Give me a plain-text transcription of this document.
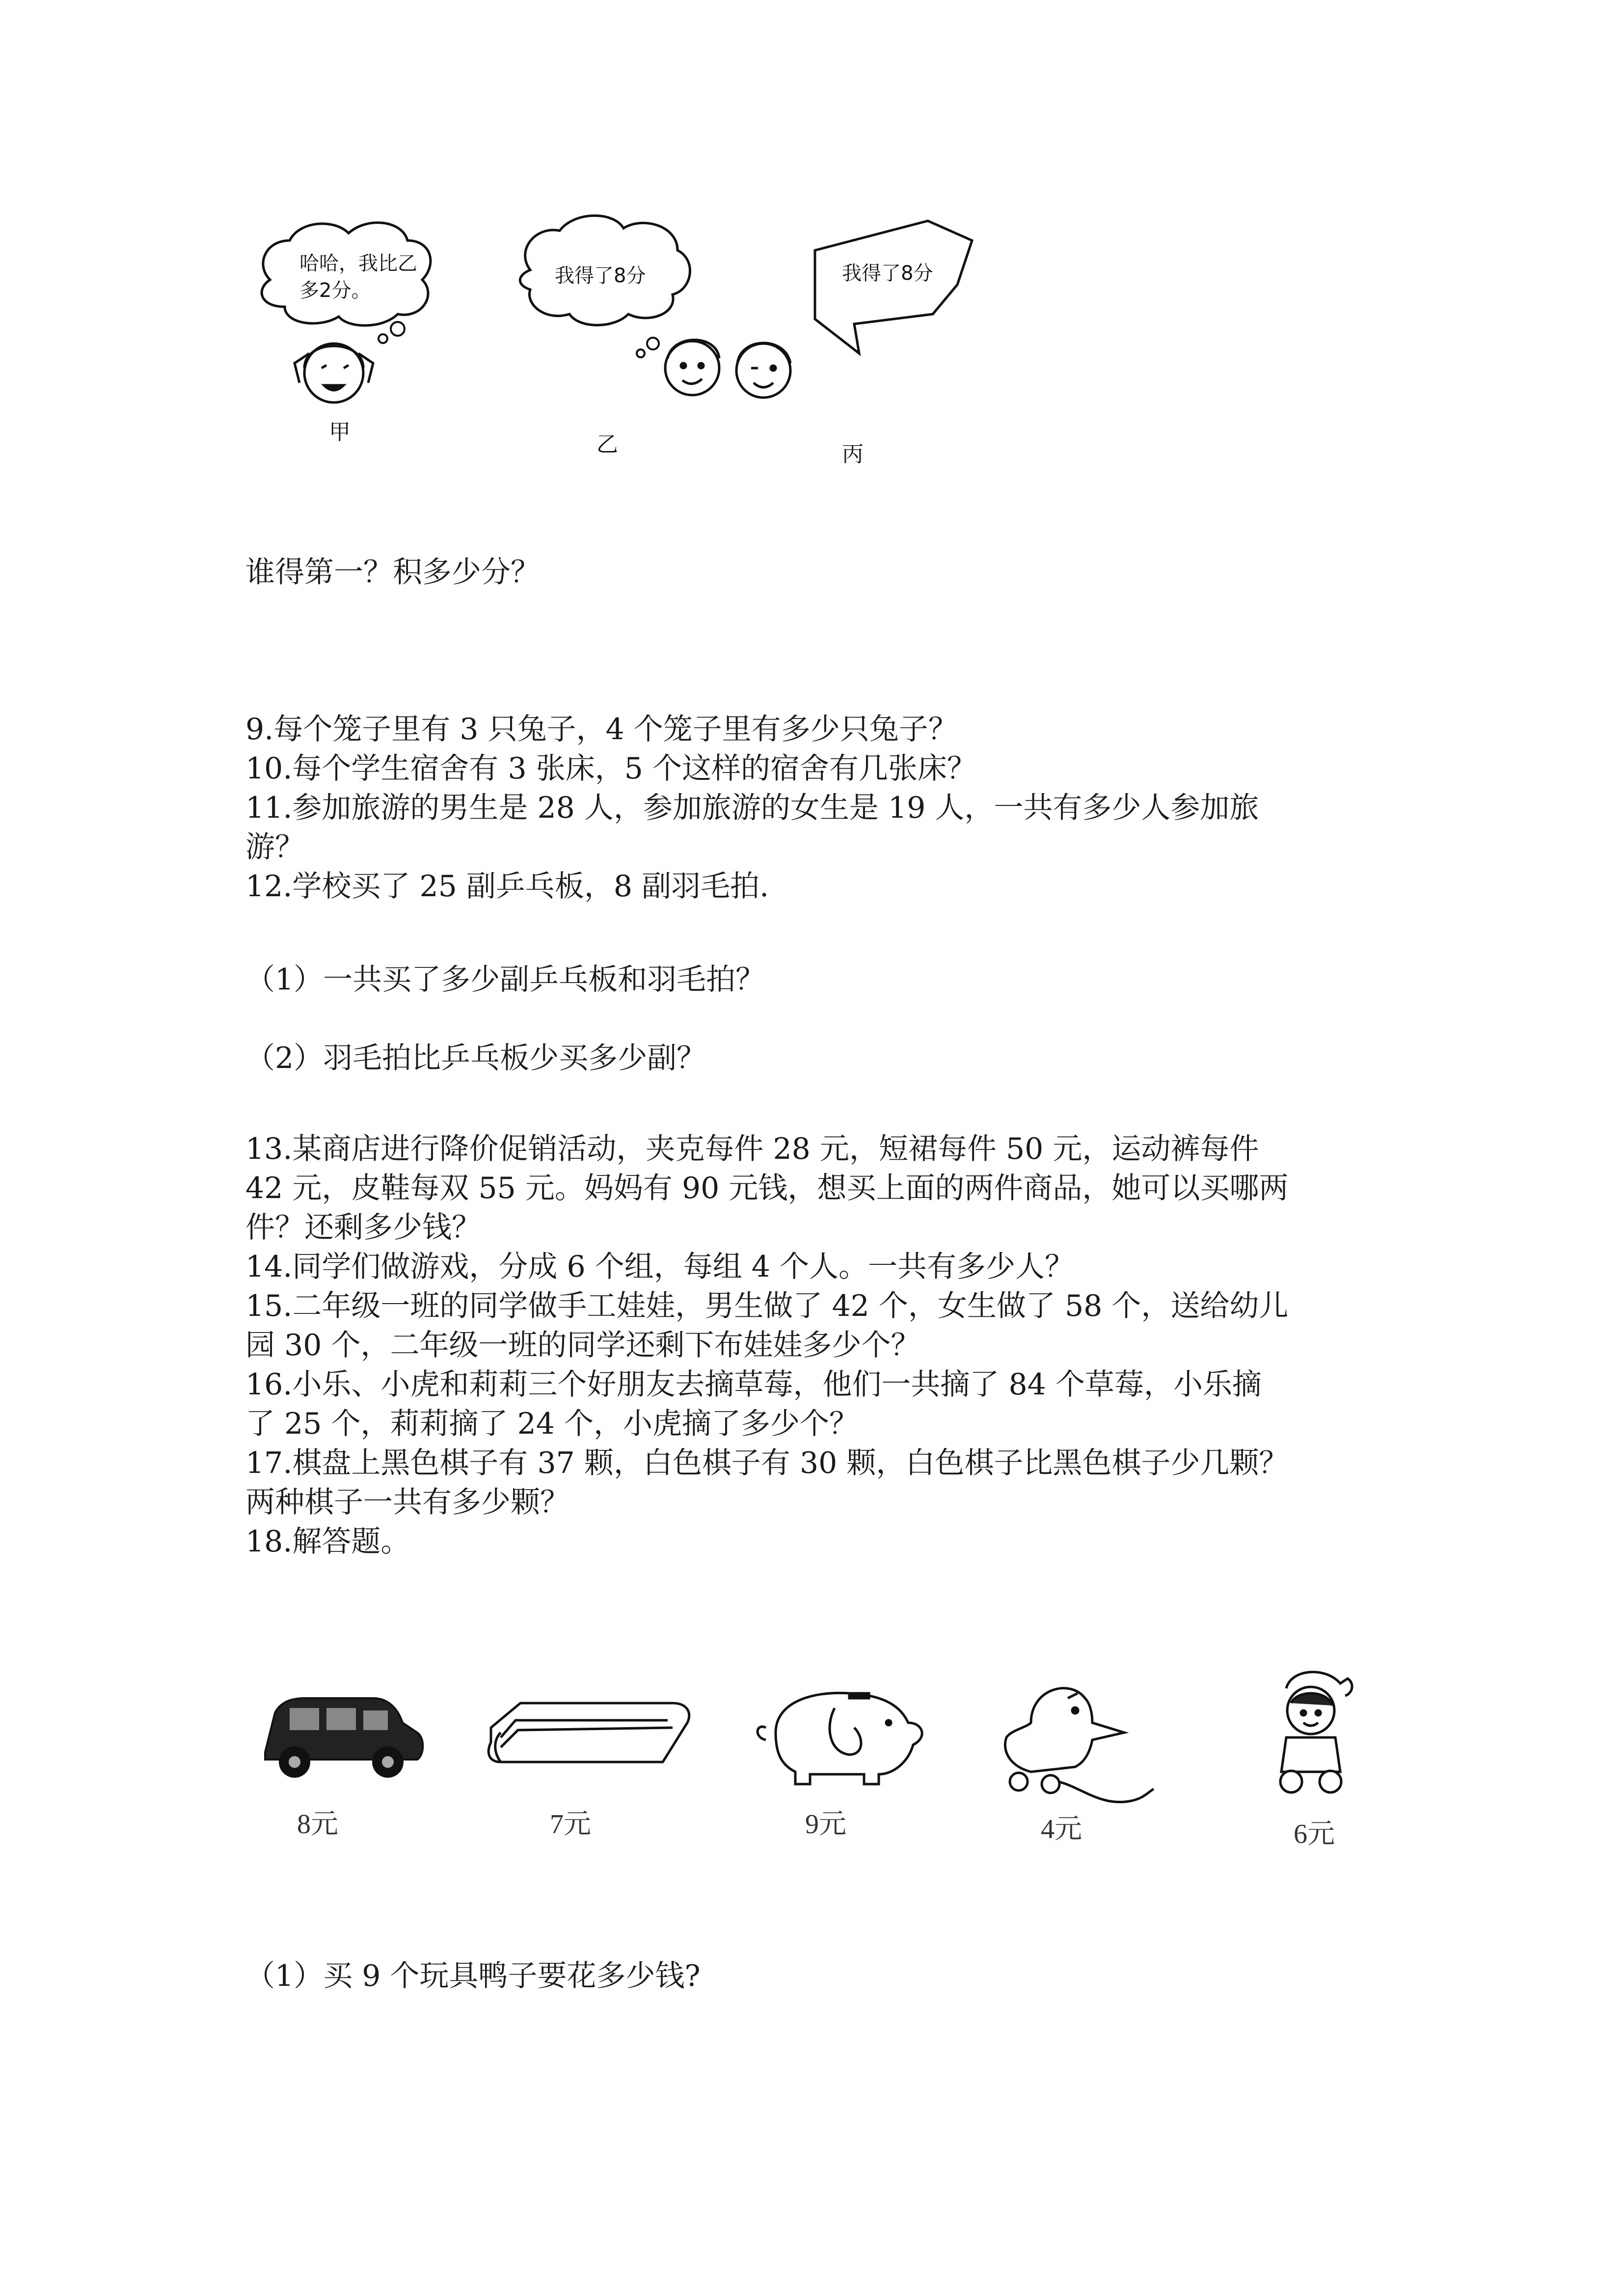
哈哈，我比乙
多2分。
甲
我得了8分
乙
我得了8分
丙
谁得第一？积多少分？
9.每个笼子里有 3 只兔子，4 个笼子里有多少只兔子？
10.每个学生宿舍有 3 张床，5 个这样的宿舍有几张床？
11.参加旅游的男生是 28 人，参加旅游的女生是 19 人，一共有多少人参加旅
游？
12.学校买了 25 副乒乓板，8 副羽毛拍.
（1）一共买了多少副乒乓板和羽毛拍？
（2）羽毛拍比乒乓板少买多少副？
13.某商店进行降价促销活动，夹克每件 28 元，短裙每件 50 元，运动裤每件
42 元，皮鞋每双 55 元。妈妈有 90 元钱，想买上面的两件商品，她可以买哪两
件？还剩多少钱？
14.同学们做游戏，分成 6 个组，每组 4 个人。一共有多少人？
15.二年级一班的同学做手工娃娃，男生做了 42 个，女生做了 58 个，送给幼儿
园 30 个，二年级一班的同学还剩下布娃娃多少个？
16.小乐、小虎和莉莉三个好朋友去摘草莓，他们一共摘了 84 个草莓，小乐摘
了 25 个，莉莉摘了 24 个，小虎摘了多少个？
17.棋盘上黑色棋子有 37 颗，白色棋子有 30 颗，白色棋子比黑色棋子少几颗？
两种棋子一共有多少颗？
18.解答题。
8元	7元	9元	4元	6元
（1）买 9 个玩具鸭子要花多少钱?
